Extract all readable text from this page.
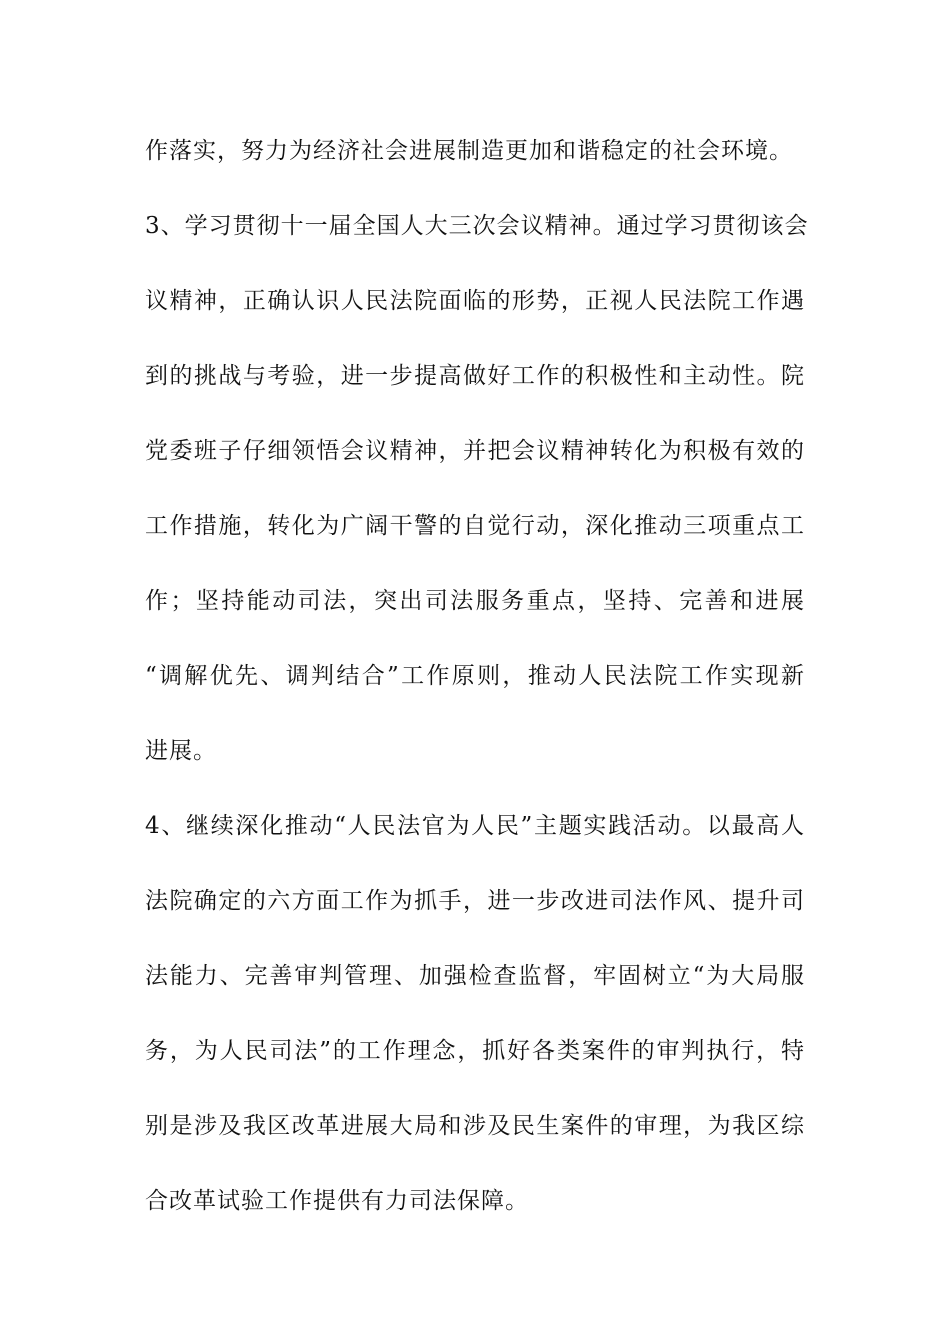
作落实，努力为经济社会进展制造更加和谐稳定的社会环境。
3、学习贯彻十一届全国人大三次会议精神。通过学习贯彻该会
议精神，正确认识人民法院面临的形势，正视人民法院工作遇
到的挑战与考验，进一步提高做好工作的积极性和主动性。院
党委班子仔细领悟会议精神，并把会议精神转化为积极有效的
工作措施，转化为广阔干警的自觉行动，深化推动三项重点工
作；坚持能动司法，突出司法服务重点，坚持、完善和进展
“调解优先、调判结合”工作原则，推动人民法院工作实现新
进展。
4、继续深化推动“人民法官为人民”主题实践活动。以最高人
法院确定的六方面工作为抓手，进一步改进司法作风、提升司
法能力、完善审判管理、加强检查监督，牢固树立“为大局服
务，为人民司法”的工作理念，抓好各类案件的审判执行，特
别是涉及我区改革进展大局和涉及民生案件的审理，为我区综
合改革试验工作提供有力司法保障。
